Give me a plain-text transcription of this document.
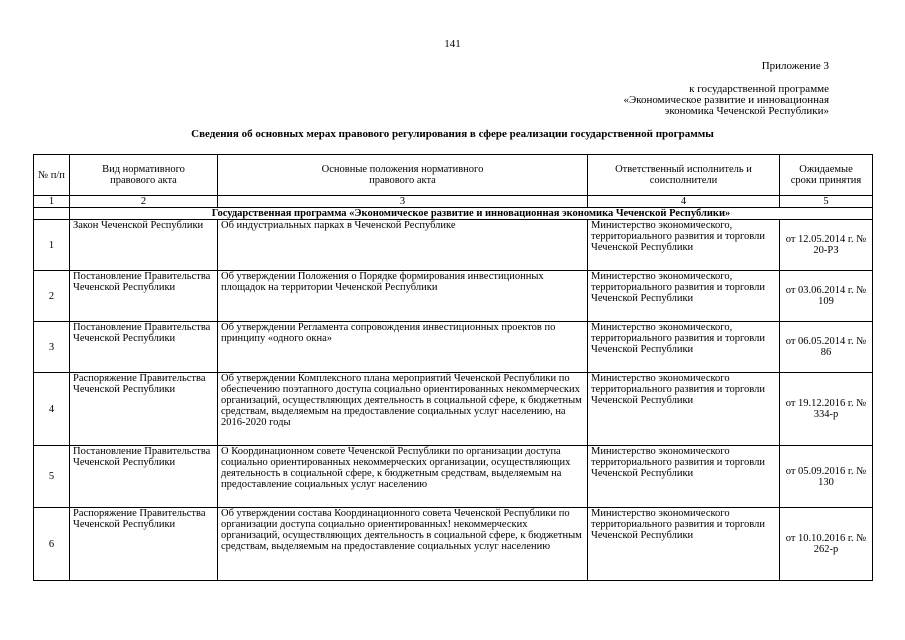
141
Приложение 3
к государственной программе
«Экономическое развитие и инновационная
экономика Чеченской Республики»
Сведения об основных мерах правового регулирования в сфере реализации государственной программы
№ п/п	Вид нормативного правового акта	Основные положения нормативного правового акта	Ответственный исполнитель и соисполнители	Ожидаемые сроки принятия
1	2	3	4	5
	Государственная программа «Экономическое развитие и инновационная экономика Чеченской Республики»			
1	Закон Чеченской Республики	Об индустриальных парках в Чеченской Республике	Министерство экономического, территориального развития и торговли Чеченской Республики	от 12.05.2014 г. № 20-РЗ
2	Постановление Правительства Чеченской Республики	Об утверждении Положения о Порядке формирования инвестиционных площадок на территории Чеченской Республики	Министерство экономического, территориального развития и торговли Чеченской Республики	от 03.06.2014 г. № 109
3	Постановление Правительства Чеченской Республики	Об утверждении Регламента сопровождения инвестиционных проектов по принципу «одного окна»	Министерство экономического, территориального развития и торговли Чеченской Республики	от 06.05.2014 г. № 86
4	Распоряжение Правительства Чеченской Республики	Об утверждении Комплексного плана мероприятий Чеченской Республики по обеспечению поэтапного доступа социально ориентированных некоммерческих организаций, осуществляющих деятельность в социальной сфере, к бюджетным средствам, выделяемым на предоставление социальных услуг населению, на 2016-2020 годы	Министерство экономического территориального развития и торговли Чеченской Республики	от 19.12.2016 г. № 334-р
5	Постановление Правительства Чеченской Республики	О Координационном совете Чеченской Республики по организации доступа социально ориентированных некоммерческих организации, осуществляющих деятельность в социальной сфере, к бюджетным средствам, выделяемым на предоставление социальных услуг населению	Министерство экономического территориального развития и торговли Чеченской Республики	от 05.09.2016 г. № 130
6	Распоряжение Правительства Чеченской Республики	Об утверждении состава Координационного совета Чеченской Республики по организации доступа социально ориентированных! некоммерческих организаций, осуществляющих деятельность в социальной сфере, к бюджетным средствам, выделяемым на предоставление социальных услуг населению	Министерство экономического территориального развития и торговли Чеченской Республики	от 10.10.2016 г. № 262-р
